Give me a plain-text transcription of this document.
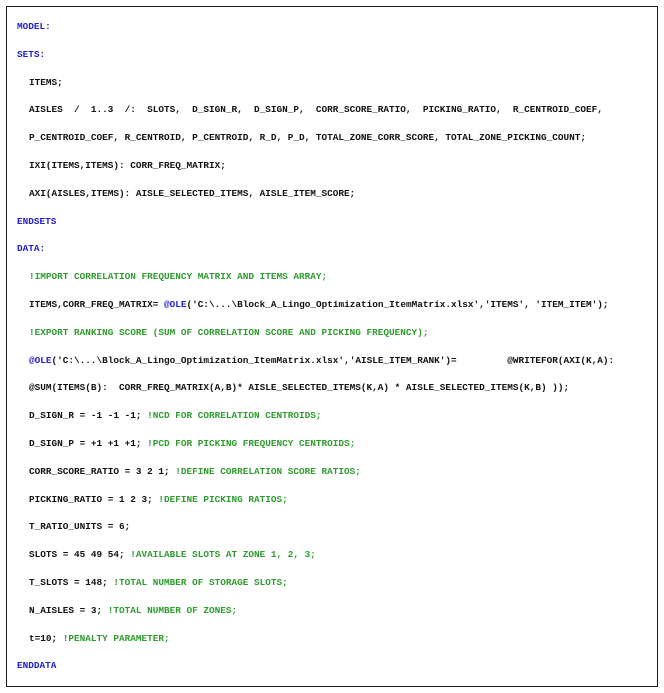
MODEL:
SETS:
ITEMS;
AISLES  /  1..3  /:  SLOTS,  D_SIGN_R,  D_SIGN_P,  CORR_SCORE_RATIO,  PICKING_RATIO,  R_CENTROID_COEF,
P_CENTROID_COEF, R_CENTROID, P_CENTROID, R_D, P_D, TOTAL_ZONE_CORR_SCORE, TOTAL_ZONE_PICKING_COUNT;
IXI(ITEMS,ITEMS): CORR_FREQ_MATRIX;
AXI(AISLES,ITEMS): AISLE_SELECTED_ITEMS, AISLE_ITEM_SCORE;
ENDSETS
DATA:
!IMPORT CORRELATION FREQUENCY MATRIX AND ITEMS ARRAY;
ITEMS,CORR_FREQ_MATRIX= @OLE('C:\...\Block_A_Lingo_Optimization_ItemMatrix.xlsx','ITEMS', 'ITEM_ITEM');
!EXPORT RANKING SCORE (SUM OF CORRELATION SCORE AND PICKING FREQUENCY);
@OLE('C:\...\Block_A_Lingo_Optimization_ItemMatrix.xlsx','AISLE_ITEM_RANK')=         @WRITEFOR(AXI(K,A):
@SUM(ITEMS(B):  CORR_FREQ_MATRIX(A,B)* AISLE_SELECTED_ITEMS(K,A) * AISLE_SELECTED_ITEMS(K,B) ));
D_SIGN_R = -1 -1 -1; !NCD FOR CORRELATION CENTROIDS;
D_SIGN_P = +1 +1 +1; !PCD FOR PICKING FREQUENCY CENTROIDS;
CORR_SCORE_RATIO = 3 2 1; !DEFINE CORRELATION SCORE RATIOS;
PICKING_RATIO = 1 2 3; !DEFINE PICKING RATIOS;
T_RATIO_UNITS = 6;
SLOTS = 45 49 54; !AVAILABLE SLOTS AT ZONE 1, 2, 3;
T_SLOTS = 148; !TOTAL NUMBER OF STORAGE SLOTS;
N_AISLES = 3; !TOTAL NUMBER OF ZONES;
t=10; !PENALTY PARAMETER;
ENDDATA
